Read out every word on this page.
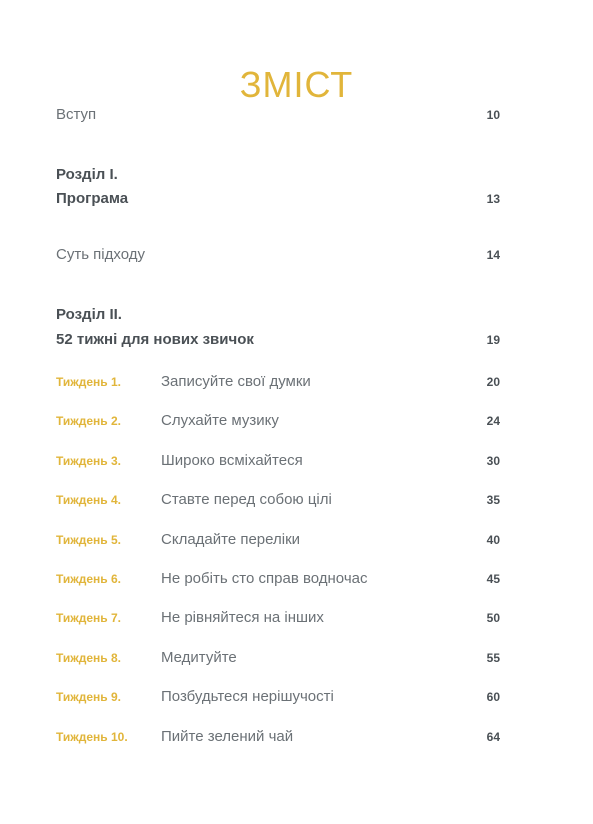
ЗМІСТ
Вступ	10
Розділ І.
Програма	13
Суть підходу	14
Розділ ІІ.
52 тижні для нових звичок	19
Тиждень 1.	Записуйте свої думки	20
Тиждень 2.	Слухайте музику	24
Тиждень 3.	Широко всміхайтеся	30
Тиждень 4.	Ставте перед собою цілі	35
Тиждень 5.	Складайте переліки	40
Тиждень 6.	Не робіть сто справ водночас	45
Тиждень 7.	Не рівняйтеся на інших	50
Тиждень 8.	Медитуйте	55
Тиждень 9.	Позбудьтеся нерішучості	60
Тиждень 10. Пийте зелений чай	64
